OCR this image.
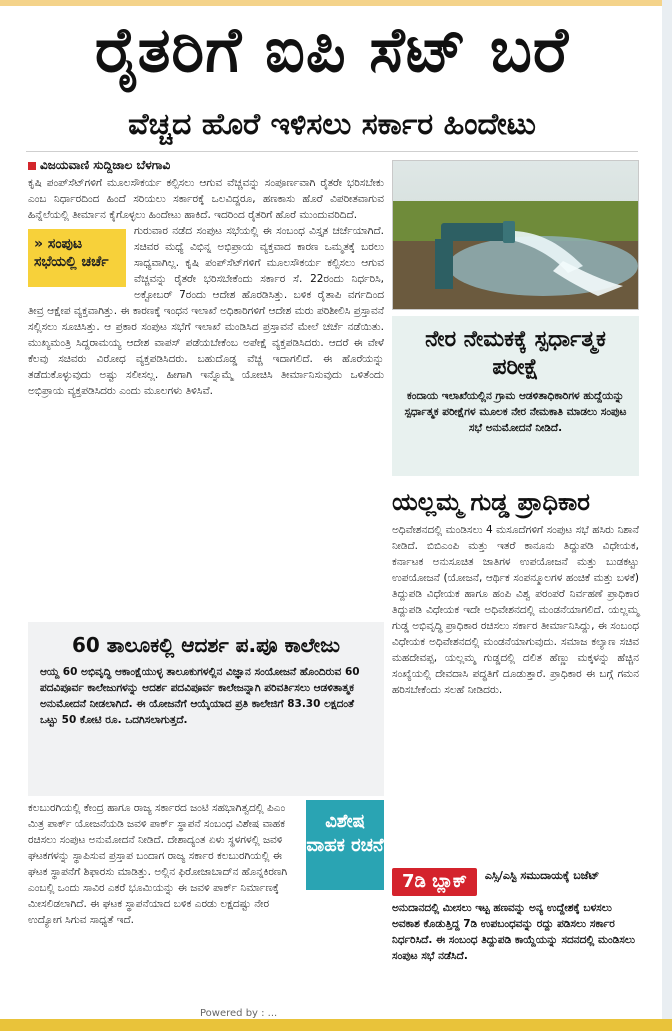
ರೈತರಿಗೆ ಐಪಿ ಸೆಟ್ ಬರೆ
ವೆಚ್ಚದ ಹೊರೆ ಇಳಿಸಲು ಸರ್ಕಾರ ಹಿಂದೇಟು
ವಿಜಯವಾಣಿ ಸುದ್ದಿಜಾಲ ಬೆಳಗಾವಿ
ಕೃಷಿ ಪಂಪ್‌ಸೆಟ್‌ಗಳಿಗೆ ಮೂಲಸೌಕರ್ಯ ಕಲ್ಪಿಸಲು ಆಗುವ ವೆಚ್ಚವನ್ನು ಸಂಪೂರ್ಣವಾಗಿ ರೈತರೇ ಭರಿಸಬೇಕು ಎಂಬ ನಿರ್ಧಾರದಿಂದ ಹಿಂದೆ ಸರಿಯಲು ಸರ್ಕಾರಕ್ಕೆ ಒಲವಿದ್ದರೂ, ಹಣಕಾಸು ಹೊರೆ ವಿಪರೀತವಾಗುವ ಹಿನ್ನೆಲೆಯಲ್ಲಿ ತೀರ್ಮಾನ ಕೈಗೊಳ್ಳಲು ಹಿಂದೇಟು ಹಾಕಿದೆ. ಇದರಿಂದ ರೈತರಿಗೆ ಹೊರೆ ಮುಂದುವರಿದಿದೆ.
» ಸಂಪುಟ ಸಭೆಯಲ್ಲಿ ಚರ್ಚೆ
ಗುರುವಾರ ನಡೆದ ಸಂಪುಟ ಸಭೆಯಲ್ಲಿ ಈ ಸಂಬಂಧ ವಿಸ್ತೃತ ಚರ್ಚೆಯಾಗಿದೆ. ಸಚಿವರ ಮಧ್ಯೆ ವಿಭಿನ್ನ ಅಭಿಪ್ರಾಯ ವ್ಯಕ್ತವಾದ ಕಾರಣ ಒಮ್ಮತಕ್ಕೆ ಬರಲು ಸಾಧ್ಯವಾಗಿಲ್ಲ. ಕೃಷಿ ಪಂಪ್‌ಸೆಟ್‌ಗಳಿಗೆ ಮೂಲಸೌಕರ್ಯ ಕಲ್ಪಿಸಲು ಆಗುವ ವೆಚ್ಚವನ್ನು ರೈತರೇ ಭರಿಸಬೇಕೆಂದು ಸರ್ಕಾರ ಸೆ. 22ರಂದು ನಿರ್ಧರಿಸಿ, ಅಕ್ಟೋಬರ್ 7ರಂದು ಆದೇಶ ಹೊರಡಿಸಿತ್ತು. ಬಳಿಕ ರೈತಾಪಿ ವರ್ಗದಿಂದ ತೀವ್ರ ಆಕ್ಷೇಪ ವ್ಯಕ್ತವಾಗಿತ್ತು. ಈ ಕಾರಣಕ್ಕೆ ಇಂಧನ ಇಲಾಖೆ ಅಧಿಕಾರಿಗಳಿಗೆ ಆದೇಶ ಮರು ಪರಿಶೀಲಿಸಿ ಪ್ರಸ್ತಾವನೆ ಸಲ್ಲಿಸಲು ಸೂಚಿಸಿತ್ತು. ಆ ಪ್ರಕಾರ ಸಂಪುಟ ಸಭೆಗೆ ಇಲಾಖೆ ಮಂಡಿಸಿದ ಪ್ರಸ್ತಾವನೆ ಮೇಲೆ ಚರ್ಚೆ ನಡೆಯಿತು. ಮುಖ್ಯಮಂತ್ರಿ ಸಿದ್ದರಾಮಯ್ಯ ಆದೇಶ ವಾಪಸ್ ಪಡೆಯಬೇಕೆಂಬ ಅಪೇಕ್ಷೆ ವ್ಯಕ್ತಪಡಿಸಿದರು. ಆದರೆ ಈ ವೇಳೆ ಕೆಲವು ಸಚಿವರು ವಿರೋಧ ವ್ಯಕ್ತಪಡಿಸಿದರು. ಬಹುದೊಡ್ಡ ವೆಚ್ಚ ಇದಾಗಲಿದೆ. ಈ ಹೊರೆಯನ್ನು ತಡೆದುಕೊಳ್ಳುವುದು ಅಷ್ಟು ಸಲೀಸಲ್ಲ. ಹೀಗಾಗಿ ಇನ್ನೊಮ್ಮೆ ಯೋಚಿಸಿ ತೀರ್ಮಾನಿಸುವುದು ಒಳಿತೆಂದು ಅಭಿಪ್ರಾಯ ವ್ಯಕ್ತಪಡಿಸಿದರು ಎಂದು ಮೂಲಗಳು ತಿಳಿಸಿವೆ.
60 ತಾಲೂಕಲ್ಲಿ ಆದರ್ಶ ಪ.ಪೂ ಕಾಲೇಜು
ಆಯ್ದ 60 ಅಭಿವೃದ್ಧಿ ಆಕಾಂಕ್ಷೆಯುಳ್ಳ ತಾಲೂಕುಗಳಲ್ಲಿನ ವಿಜ್ಞಾನ ಸಂಯೋಜನೆ ಹೊಂದಿರುವ 60 ಪದವಿಪೂರ್ವ ಕಾಲೇಜುಗಳನ್ನು ಆದರ್ಶ ಪದವಿಪೂರ್ವ ಕಾಲೇಜನ್ನಾಗಿ ಪರಿವರ್ತಿಸಲು ಆಡಳಿತಾತ್ಮಕ ಅನುಮೋದನೆ ನೀಡಲಾಗಿದೆ. ಈ ಯೋಜನೆಗೆ ಆಯ್ಕೆಯಾದ ಪ್ರತಿ ಕಾಲೇಜಿಗೆ 83.30 ಲಕ್ಷದಂತೆ ಒಟ್ಟು 50 ಕೋಟಿ ರೂ. ಒದಗಿಸಲಾಗುತ್ತದೆ.
ವಿಶೇಷ ವಾಹಕ ರಚನೆ
ಕಲಬುರಗಿಯಲ್ಲಿ ಕೇಂದ್ರ ಹಾಗೂ ರಾಜ್ಯ ಸರ್ಕಾರದ ಜಂಟಿ ಸಹಭಾಗಿತ್ವದಲ್ಲಿ ಪಿಎಂ ಮಿತ್ರ ಪಾರ್ಕ್ ಯೋಜನೆಯಡಿ ಜವಳಿ ಪಾರ್ಕ್ ಸ್ಥಾಪನೆ ಸಂಬಂಧ ವಿಶೇಷ ವಾಹಕ ರಚಿಸಲು ಸಂಪುಟ ಅನುಮೋದನೆ ನೀಡಿದೆ. ದೇಶಾದ್ಯಂತ ಏಳು ಸ್ಥಳಗಳಲ್ಲಿ ಜವಳಿ ಘಟಕಗಳನ್ನು ಸ್ಥಾಪಿಸುವ ಪ್ರಸ್ತಾಪ ಬಂದಾಗ ರಾಜ್ಯ ಸರ್ಕಾರ ಕಲಬುರಗಿಯಲ್ಲಿ ಈ ಘಟಕ ಸ್ಥಾಪನೆಗೆ ಶಿಫಾರಸು ಮಾಡಿತ್ತು. ಅಲ್ಲಿನ ಫಿರೋಜಾಬಾದ್‌ನ ಹೊನ್ನಕಿರಣಗಿ ಎಂಬಲ್ಲಿ ಒಂದು ಸಾವಿರ ಎಕರೆ ಭೂಮಿಯನ್ನು ಈ ಜವಳಿ ಪಾರ್ಕ್ ನಿರ್ಮಾಣಕ್ಕೆ ಮೀಸಲಿಡಲಾಗಿದೆ. ಈ ಘಟಕ ಸ್ಥಾಪನೆಯಾದ ಬಳಿಕ ಎರಡು ಲಕ್ಷದಷ್ಟು ನೇರ ಉದ್ಯೋಗ ಸಿಗುವ ಸಾಧ್ಯತೆ ಇದೆ.
ನೇರ ನೇಮಕಕ್ಕೆ ಸ್ಪರ್ಧಾತ್ಮಕ ಪರೀಕ್ಷೆ
ಕಂದಾಯ ಇಲಾಖೆಯಲ್ಲಿನ ಗ್ರಾಮ ಆಡಳಿತಾಧಿಕಾರಿಗಳ ಹುದ್ದೆಯನ್ನು ಸ್ಪರ್ಧಾತ್ಮಕ ಪರೀಕ್ಷೆಗಳ ಮೂಲಕ ನೇರ ನೇಮಕಾತಿ ಮಾಡಲು ಸಂಪುಟ ಸಭೆ ಅನುಮೋದನೆ ನೀಡಿದೆ.
ಯಲ್ಲಮ್ಮ ಗುಡ್ಡ ಪ್ರಾಧಿಕಾರ
ಅಧಿವೇಶನದಲ್ಲಿ ಮಂಡಿಸಲು 4 ಮಸೂದೆಗಳಿಗೆ ಸಂಪುಟ ಸಭೆ ಹಸಿರು ನಿಶಾನೆ ನೀಡಿದೆ. ಬಿಬಿಎಂಪಿ ಮತ್ತು ಇತರೆ ಕಾನೂನು ತಿದ್ದುಪಡಿ ವಿಧೇಯಕ, ಕರ್ನಾಟಕ ಅನುಸೂಚಿತ ಜಾತಿಗಳ ಉಪಯೋಜನೆ ಮತ್ತು ಬುಡಕಟ್ಟು ಉಪಯೋಜನೆ (ಯೋಜನೆ, ಆರ್ಥಿಕ ಸಂಪನ್ಮೂಲಗಳ ಹಂಚಿಕೆ ಮತ್ತು ಬಳಕೆ) ತಿದ್ದುಪಡಿ ವಿಧೇಯಕ ಹಾಗೂ ಹಂಪಿ ವಿಶ್ವ ಪರಂಪರೆ ನಿರ್ವಹಣೆ ಪ್ರಾಧಿಕಾರ ತಿದ್ದುಪಡಿ ವಿಧೇಯಕ ಇದೇ ಅಧಿವೇಶನದಲ್ಲಿ ಮಂಡನೆಯಾಗಲಿದೆ. ಯಲ್ಲಮ್ಮ ಗುಡ್ಡ ಅಭಿವೃದ್ಧಿ ಪ್ರಾಧಿಕಾರ ರಚಿಸಲು ಸರ್ಕಾರ ತೀರ್ಮಾನಿಸಿದ್ದು, ಈ ಸಂಬಂಧ ವಿಧೇಯಕ ಅಧಿವೇಶನದಲ್ಲಿ ಮಂಡನೆಯಾಗುವುದು. ಸಮಾಜ ಕಲ್ಯಾಣ ಸಚಿವ ಮಹದೇವಪ್ಪ, ಯಲ್ಲಮ್ಮ ಗುಡ್ಡದಲ್ಲಿ ದಲಿತ ಹೆಣ್ಣು ಮಕ್ಕಳನ್ನು ಹೆಚ್ಚಿನ ಸಂಖ್ಯೆಯಲ್ಲಿ ದೇವದಾಸಿ ಪದ್ಧತಿಗೆ ದೂಡುತ್ತಾರೆ. ಪ್ರಾಧಿಕಾರ ಈ ಬಗ್ಗೆ ಗಮನ ಹರಿಸಬೇಕೆಂದು ಸಲಹೆ ನೀಡಿದರು.
7ಡಿ ಬ್ಲಾಕ್	ಎಸ್ಸಿ/ಎಸ್ಟಿ ಸಮುದಾಯಕ್ಕೆ ಬಜೆಟ್
ಅನುದಾನದಲ್ಲಿ ಮೀಸಲು ಇಟ್ಟ ಹಣವನ್ನು ಅನ್ಯ ಉದ್ದೇಶಕ್ಕೆ ಬಳಸಲು ಅವಕಾಶ ಕೊಡುತ್ತಿದ್ದ 7ಡಿ ಉಪಬಂಧವನ್ನು ರದ್ದು ಪಡಿಸಲು ಸರ್ಕಾರ ನಿರ್ಧರಿಸಿದೆ. ಈ ಸಂಬಂಧ ತಿದ್ದುಪಡಿ ಕಾಯ್ದೆಯನ್ನು ಸದನದಲ್ಲಿ ಮಂಡಿಸಲು ಸಂಪುಟ ಸಭೆ ನಡೆಸಿದೆ.
Powered by : ...
